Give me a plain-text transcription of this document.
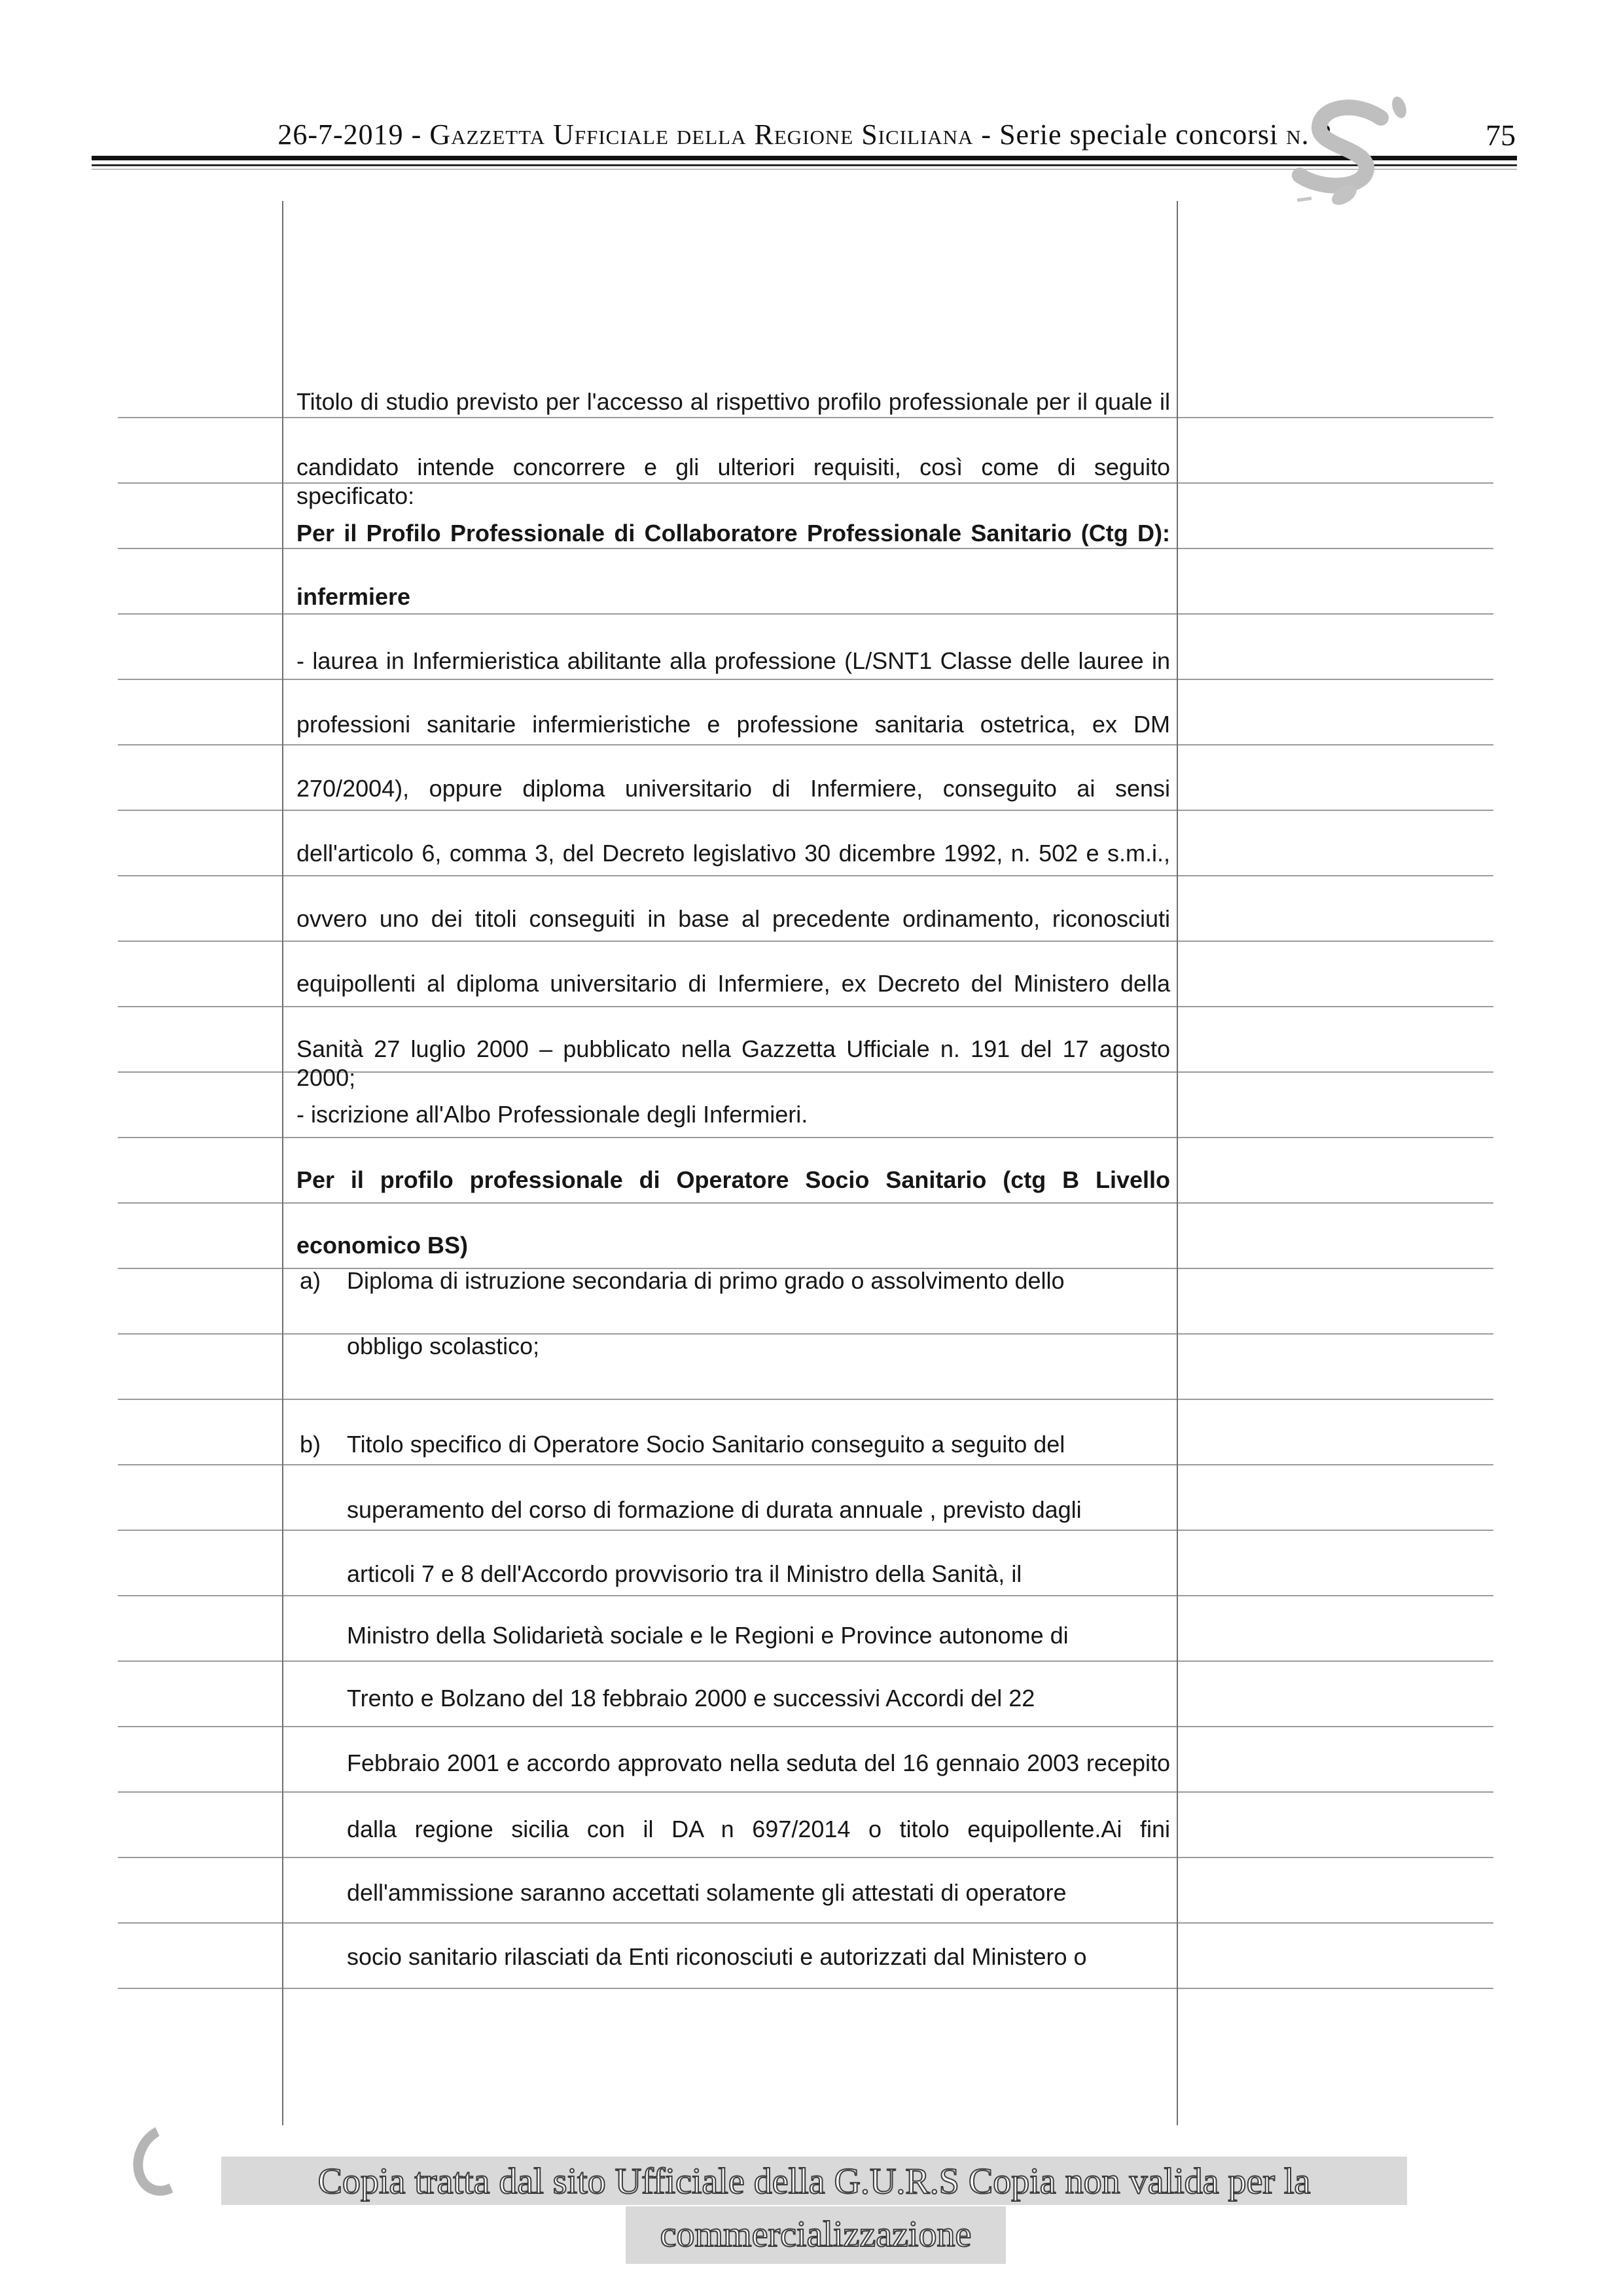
26-7-2019 - Gazzetta Ufficiale della Regione Siciliana - Serie speciale concorsi n. 8	75
Titolo di studio previsto per l'accesso al rispettivo profilo professionale per il quale il
candidato intende concorrere e gli ulteriori requisiti, così come di seguito specificato:
Per il Profilo Professionale di Collaboratore Professionale Sanitario (Ctg D):
infermiere
- laurea in Infermieristica abilitante alla professione (L/SNT1 Classe delle lauree in
professioni sanitarie infermieristiche e professione sanitaria ostetrica, ex DM
270/2004), oppure diploma universitario di Infermiere, conseguito ai sensi
dell'articolo 6, comma 3, del Decreto legislativo 30 dicembre 1992, n. 502 e s.m.i.,
ovvero uno dei titoli conseguiti in base al precedente ordinamento, riconosciuti
equipollenti al diploma universitario di Infermiere, ex Decreto del Ministero della
Sanità 27 luglio 2000 – pubblicato nella Gazzetta Ufficiale n. 191 del 17 agosto 2000;
- iscrizione all'Albo Professionale degli Infermieri.
Per il profilo professionale di Operatore Socio Sanitario (ctg B Livello
economico BS)
a) Diploma di istruzione secondaria di primo grado o assolvimento dello
obbligo scolastico;
b) Titolo specifico di Operatore Socio Sanitario conseguito a seguito del
superamento del corso di formazione di durata annuale , previsto dagli
articoli 7 e 8 dell'Accordo provvisorio tra il Ministro della Sanità, il
Ministro della Solidarietà sociale e le Regioni e Province autonome di
Trento e Bolzano del 18 febbraio 2000 e successivi Accordi del 22
Febbraio 2001 e accordo approvato nella seduta del 16 gennaio 2003 recepito
dalla regione sicilia con il DA n 697/2014 o titolo equipollente.Ai fini
dell'ammissione saranno accettati solamente gli attestati di operatore
socio sanitario rilasciati da Enti riconosciuti e autorizzati dal Ministero o
Copia tratta dal sito Ufficiale della G.U.R.S Copia non valida per la
commercializzazione
